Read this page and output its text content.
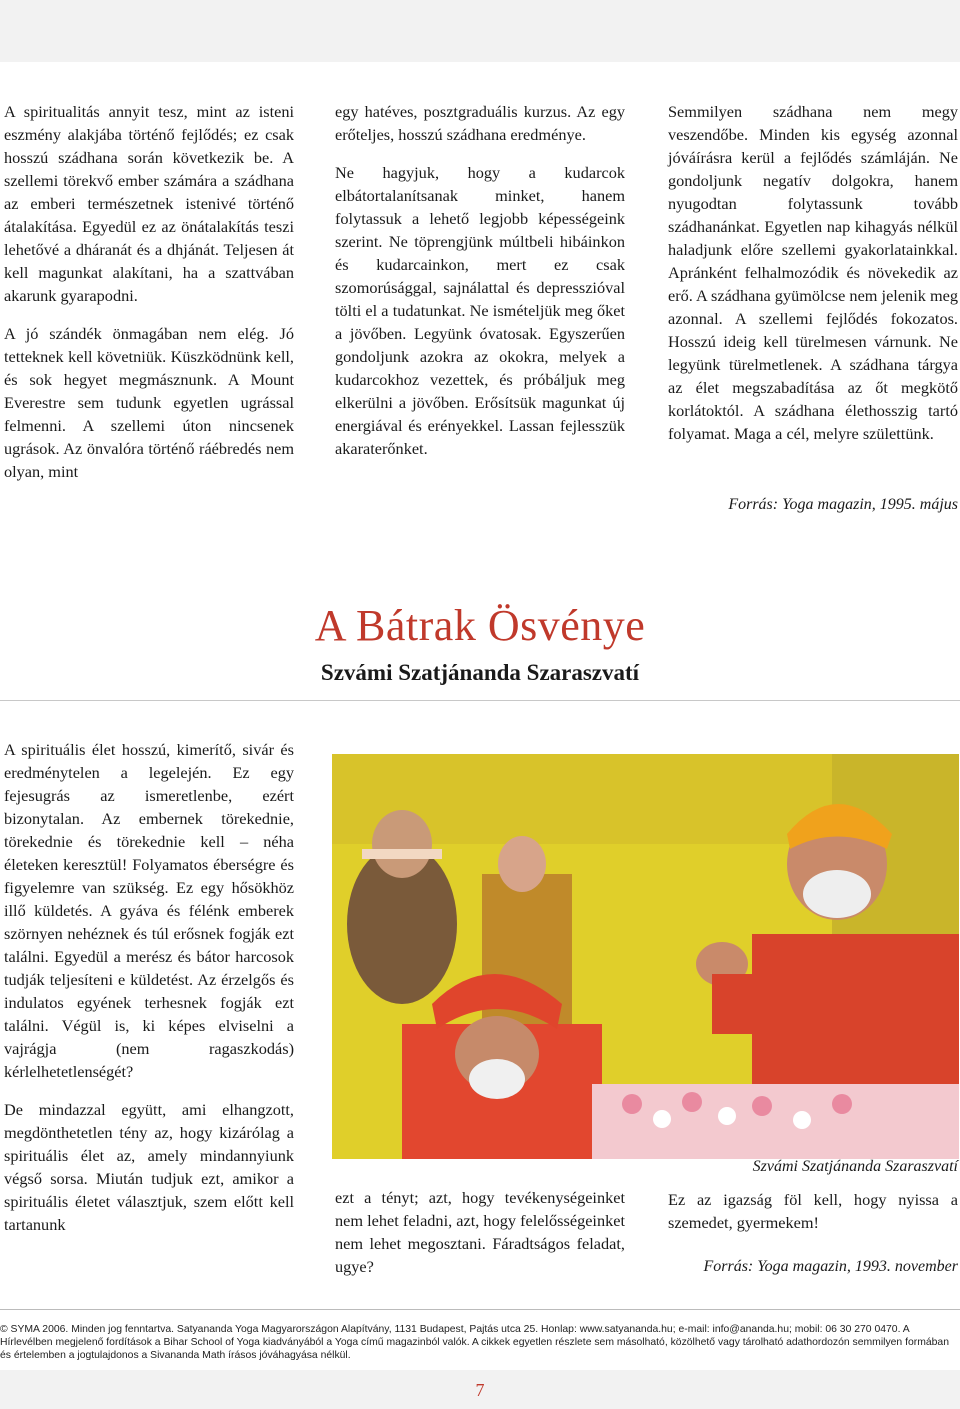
A spiritualitás annyit tesz, mint az isteni eszmény alakjába történő fejlődés; ez csak hosszú szádhana során következik be. A szellemi törekvő ember számára a szádhana az emberi természetnek istenivé történő átalakítása. Egyedül ez az önátalakítás teszi lehetővé a dháranát és a dhjánát. Teljesen át kell magunkat alakítani, ha a szattvában akarunk gyarapodni.

A jó szándék önmagában nem elég. Jó tetteknek kell követniük. Küszködnünk kell, és sok hegyet megmásznunk. A Mount Everestre sem tudunk egyetlen ugrással felmenni. A szellemi úton nincsenek ugrások. Az önvalóra történő ráébredés nem olyan, mint

egy hatéves, posztgraduális kurzus. Az egy erőteljes, hosszú szádhana eredménye.

Ne hagyjuk, hogy a kudarcok elbátortalanítsanak minket, hanem folytassuk a lehető legjobb képességeink szerint. Ne töprengjünk múltbeli hibáinkon és kudarcainkon, mert ez csak szomorúsággal, sajnálattal és depresszióval tölti el a tudatunkat. Ne ismételjük meg őket a jövőben. Legyünk óvatosak. Egyszerűen gondoljunk azokra az okokra, melyek a kudarcokhoz vezettek, és próbáljuk meg elkerülni a jövőben. Erősítsük magunkat új energiával és erényekkel. Lassan fejlesszük akaraterőnket.

Semmilyen szádhana nem megy veszendőbe. Minden kis egység azonnal jóváírásra kerül a fejlődés számláján. Ne gondoljunk negatív dolgokra, hanem nyugodtan folytassunk tovább szádhanánkat. Egyetlen nap kihagyás nélkül haladjunk előre szellemi gyakorlatainkkal. Apránként felhalmozódik és növekedik az erő. A szádhana gyümölcse nem jelenik meg azonnal. A szellemi fejlődés fokozatos. Hosszú ideig kell türelmesen várnunk. Ne legyünk türelmetlenek. A szádhana tárgya az élet megszabadítása az őt megkötő korlátoktól. A szádhana élethosszig tartó folyamat. Maga a cél, melyre születtünk.

Forrás: Yoga magazin, 1995. május
A Bátrak Ösvénye
Szvámi Szatjánanda Szaraszvatí

A spirituális élet hosszú, kimerítő, sivár és eredménytelen a legelején. Ez egy fejesugrás az ismeretlenbe, ezért bizonytalan. Az embernek törekednie, törekednie és törekednie kell – néha életeken keresztül! Folyamatos éberségre és figyelemre van szükség. Ez egy hősökhöz illő küldetés. A gyáva és félénk emberek szörnyen nehéznek és túl erősnek fogják ezt találni. Egyedül a merész és bátor harcosok tudják teljesíteni e küldetést. Az érzelgős és indulatos egyének terhesnek fogják ezt találni. Végül is, ki képes elviselni a vajrágja (nem ragaszkodás) kérlelhetetlenségét?

De mindazzal együtt, ami elhangzott, megdönthetetlen tény az, hogy kizárólag a spirituális élet az, amely mindannyiunk végső sorsa. Miután tudjuk ezt, amikor a spirituális életet választjuk, szem előtt kell tartanunk

ezt a tényt; azt, hogy tevékenységeinket nem lehet feladni, azt, hogy felelősségeinket nem lehet megosztani. Fáradtságos feladat, ugye?

Szvámi Szatjánanda Szaraszvatí

Ez az igazság föl kell, hogy nyissa a szemedet, gyermekem!

Forrás: Yoga magazin, 1993. november
© SYMA 2006. Minden jog fenntartva. Satyananda Yoga Magyarországon Alapítvány, 1131 Budapest, Pajtás utca 25. Honlap: www.satyananda.hu; e-mail: info@ananda.hu; mobil: 06 30 270 0470. A
Hírlevélben megjelenő fordítások a Bihar School of Yoga kiadványából a Yoga című magazinból valók. A cikkek egyetlen részlete sem másolható, közölhető vagy tárolható adathordozón semmilyen formában
és értelemben a jogtulajdonos a Sivananda Math írásos jóváhagyása nélkül.
7
